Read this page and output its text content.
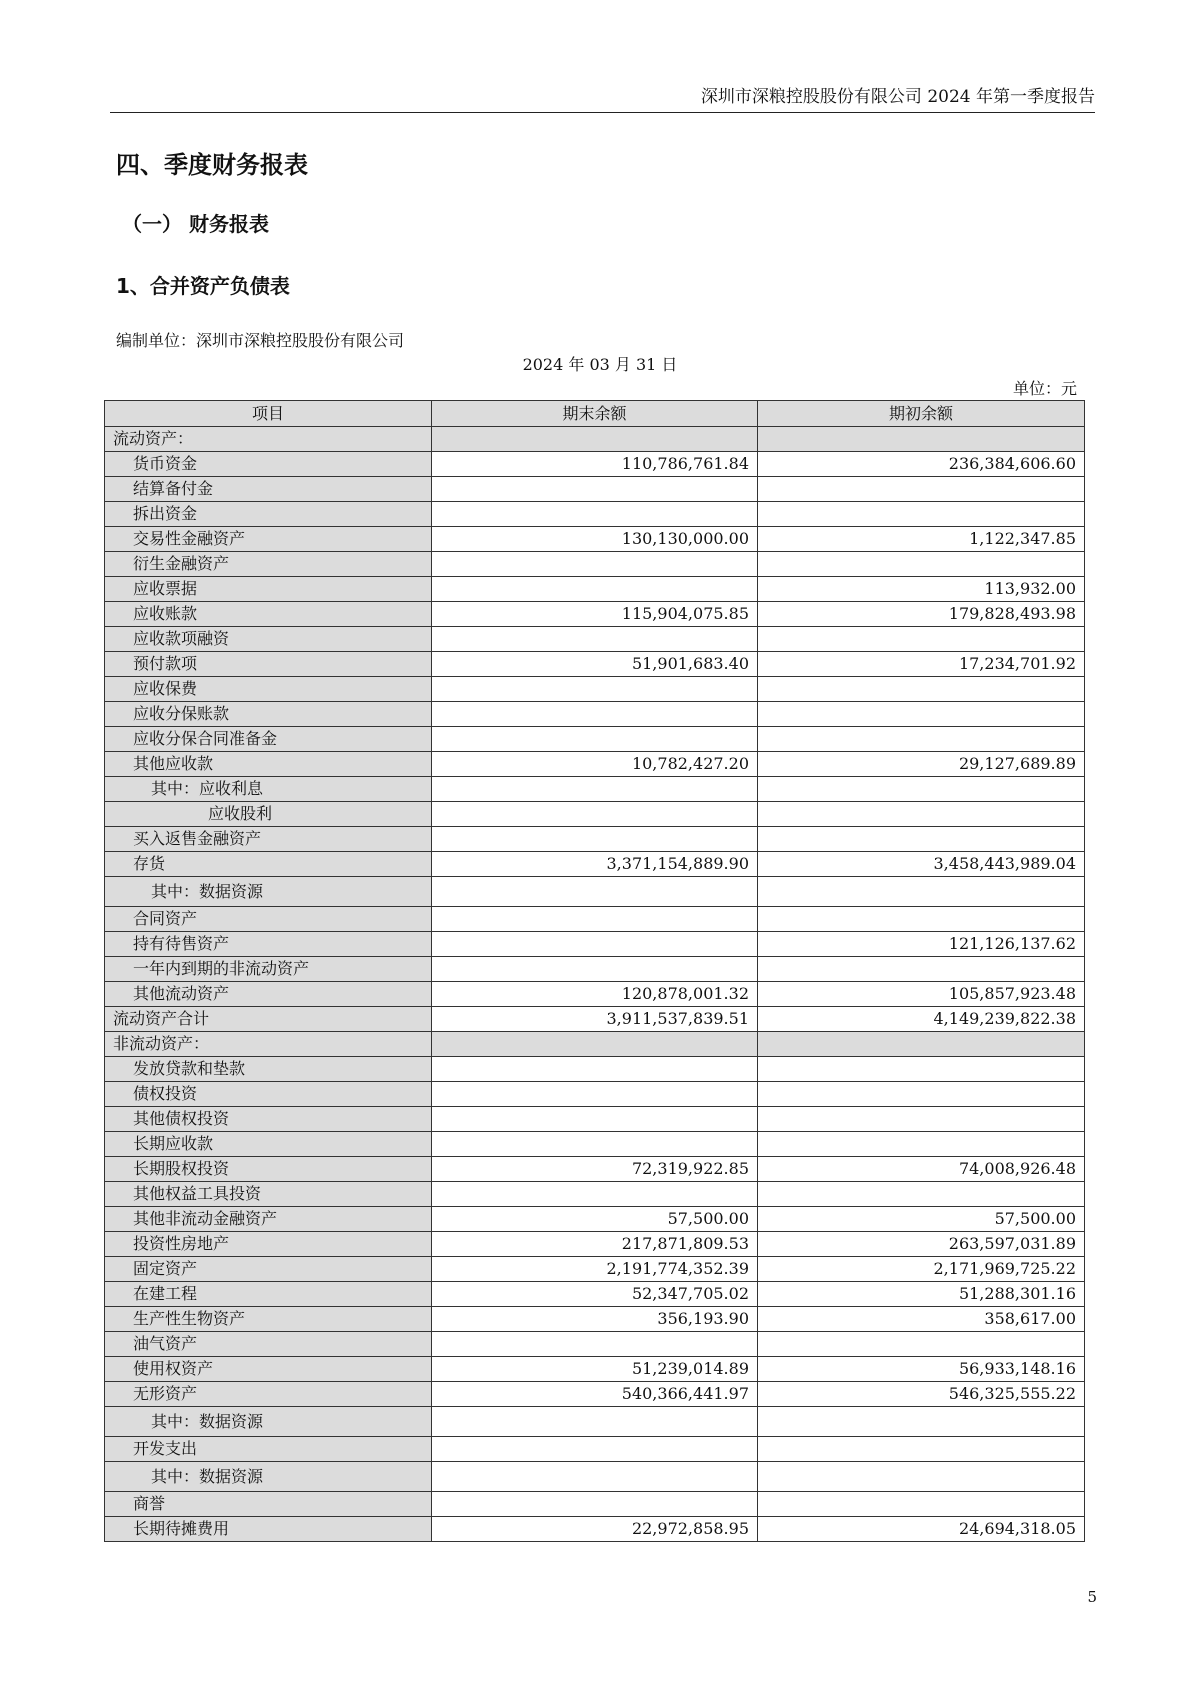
深圳市深粮控股股份有限公司 2024 年第一季度报告
四、季度财务报表
（一） 财务报表
1、合并资产负债表
编制单位：深圳市深粮控股股份有限公司
2024 年 03 月 31 日
单位：元
项目	期末余额	期初余额
流动资产：		
货币资金	110,786,761.84	236,384,606.60
结算备付金		
拆出资金		
交易性金融资产	130,130,000.00	1,122,347.85
衍生金融资产		
应收票据		113,932.00
应收账款	115,904,075.85	179,828,493.98
应收款项融资		
预付款项	51,901,683.40	17,234,701.92
应收保费		
应收分保账款		
应收分保合同准备金		
其他应收款	10,782,427.20	29,127,689.89
其中：应收利息		
应收股利		
买入返售金融资产		
存货	3,371,154,889.90	3,458,443,989.04
其中：数据资源		
合同资产		
持有待售资产		121,126,137.62
一年内到期的非流动资产		
其他流动资产	120,878,001.32	105,857,923.48
流动资产合计	3,911,537,839.51	4,149,239,822.38
非流动资产：		
发放贷款和垫款		
债权投资		
其他债权投资		
长期应收款		
长期股权投资	72,319,922.85	74,008,926.48
其他权益工具投资		
其他非流动金融资产	57,500.00	57,500.00
投资性房地产	217,871,809.53	263,597,031.89
固定资产	2,191,774,352.39	2,171,969,725.22
在建工程	52,347,705.02	51,288,301.16
生产性生物资产	356,193.90	358,617.00
油气资产		
使用权资产	51,239,014.89	56,933,148.16
无形资产	540,366,441.97	546,325,555.22
其中：数据资源		
开发支出		
其中：数据资源		
商誉		
长期待摊费用	22,972,858.95	24,694,318.05
5
